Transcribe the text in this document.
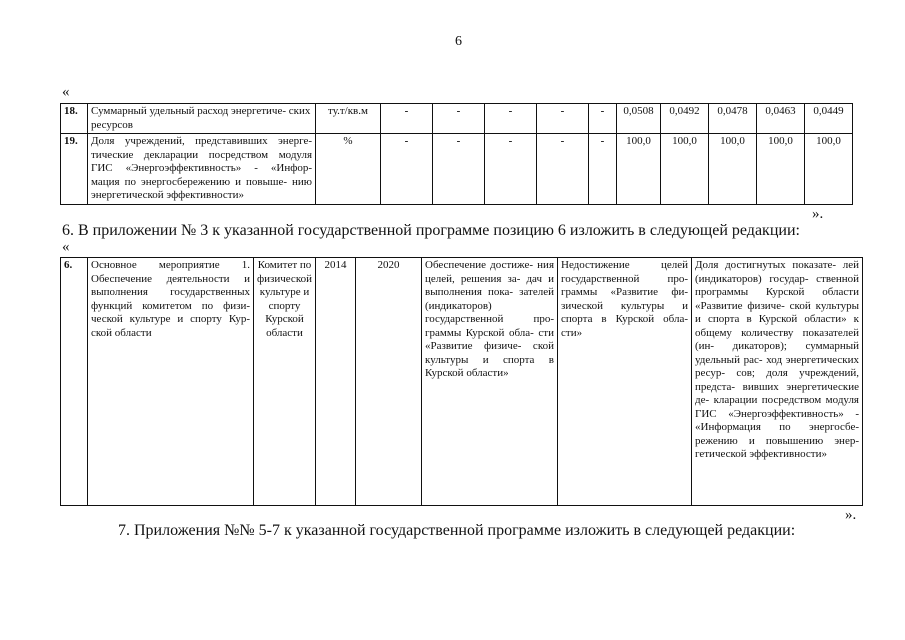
6
«
18.	Суммарный удельный расход энергетиче- ских ресурсов	ту.т/кв.м	-	-	-	-	-	0,0508	0,0492	0,0478	0,0463	0,0449
19.	Доля учреждений, представивших энерге- тические декларации посредством модуля ГИС «Энергоэффективность» - «Инфор- мация по энергосбережению и повыше- нию энергетической эффективности»	%	-	-	-	-	-	100,0	100,0	100,0	100,0	100,0
».
6. В приложении № 3 к указанной государственной программе позицию 6 изложить в следующей редакции:
«
6.	Основное мероприятие 1. Обеспечение деятельности и выполнения государственных функций комитетом по физи- ческой культуре и спорту Кур- ской области	Комитет по физической культуре и спорту Курской области	2014	2020	Обеспечение достиже- ния целей, решения за- дач и выполнения пока- зателей (индикаторов) государственной про- граммы Курской обла- сти «Развитие физиче- ской культуры и спорта в Курской области»	Недостижение целей государственной про- граммы «Развитие фи- зической культуры и спорта в Курской обла- сти»	Доля достигнутых показате- лей (индикаторов) государ- ственной программы Курской области «Развитие физиче- ской культуры и спорта в Курской области» к общему количеству показателей (ин- дикаторов); суммарный удельный рас- ход энергетических ресур- сов; доля учреждений, предста- вивших энергетические де- кларации посредством модуля ГИС «Энергоэффективность» - «Информация по энергосбе- режению и повышению энер- гетической эффективности»
».
7. Приложения №№ 5-7 к указанной государственной программе изложить в следующей редакции:
